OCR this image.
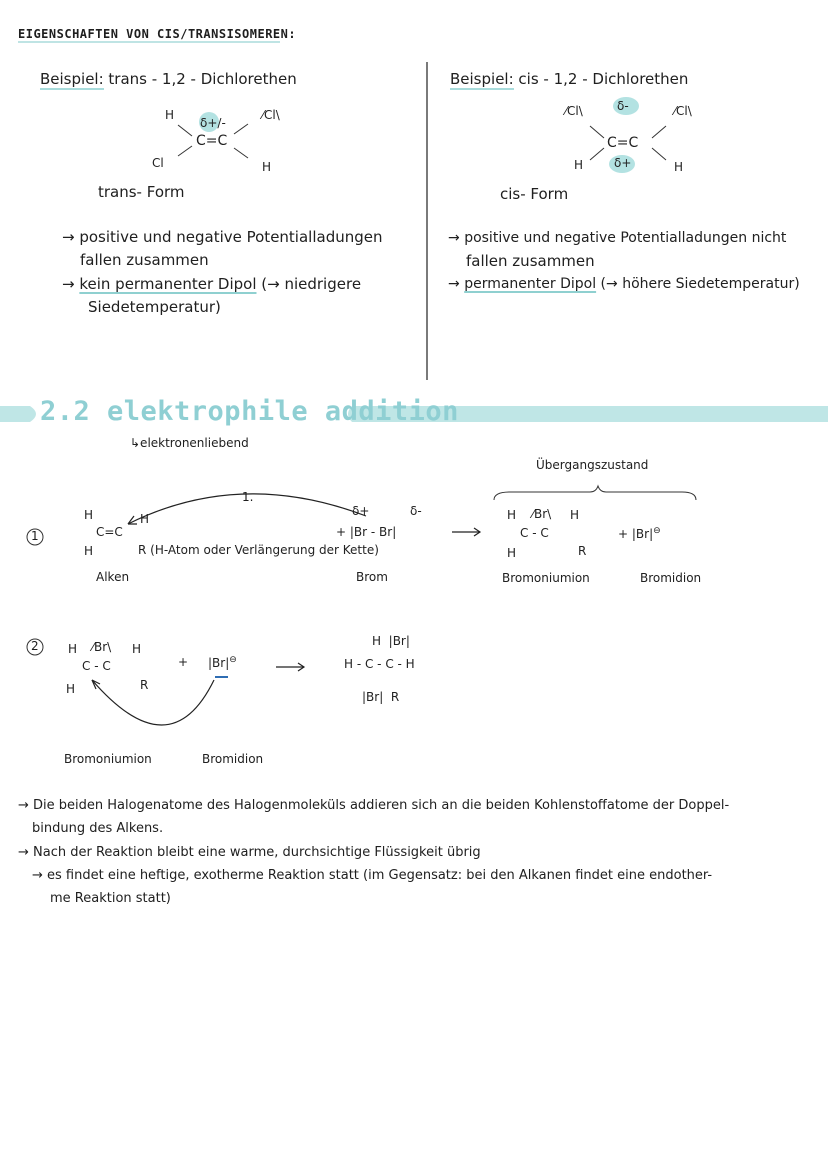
EIGENSCHAFTEN VON CIS/TRANSISOMEREN:
Beispiel: trans - 1,2 - Dichlorethen
H
δ+/-
⁄Cl\
C=C
Cl	H
trans- Form
→ positive und negative Potentialladungen
fallen zusammen
→ kein permanenter Dipol (→ niedrigere
Siedetemperatur)
Beispiel: cis - 1,2 - Dichlorethen
⁄Cl\	δ-	⁄Cl\
C=C
H	δ+	H
cis- Form
→ positive und negative Potentialladungen nicht
fallen zusammen
→ permanenter Dipol (→ höhere Siedetemperatur)
2.2 elektrophile addition
↳elektronenliebend
1
1.
H	H
C=C
H	R (H-Atom oder Verlängerung der Kette)
Alken
δ+	δ-
+ |Br - Br|
Brom
Übergangszustand
H ⁄Br\ H
C - C
H	R
+ |Br|⊖
Bromoniumion	Bromidion
2 H ⁄Br\ H
C - C
H	R
+ |Br|⊖
H  |Br|
H - C - C - H
|Br|  R
Bromoniumion	Bromidion
→ Die beiden Halogenatome des Halogenmoleküls addieren sich an die beiden Kohlenstoffatome der Doppel-
bindung des Alkens.
→ Nach der Reaktion bleibt eine warme, durchsichtige Flüssigkeit übrig
→ es findet eine heftige, exotherme Reaktion statt (im Gegensatz: bei den Alkanen findet eine endother-
me Reaktion statt)
